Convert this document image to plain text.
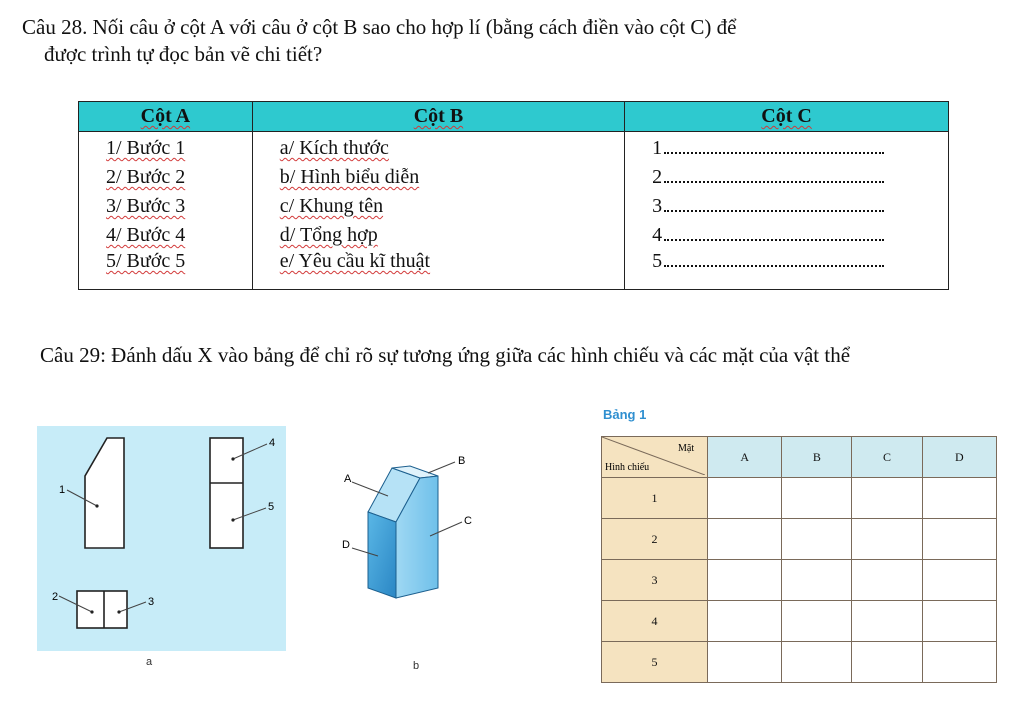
Câu 28. Nối câu ở cột A với câu ở cột B sao cho hợp lí (bằng cách điền vào cột C) để
được trình tự đọc bản vẽ chi tiết?
Cột A	Cột B	Cột C
1/ Bước 1	a/ Kích thước	1
2/ Bước 2	b/ Hình biểu diễn	2
3/ Bước 3	c/ Khung tên	3
4/ Bước 4	d/ Tổng hợp	4
5/ Bước 5	e/ Yêu cầu kĩ thuật	5
Câu 29: Đánh dấu X vào bảng để chỉ rõ sự tương ứng giữa các hình chiếu và các mặt của vật thể
1
4
5
2	3
a
A
B
C
D
b
Bảng 1
Mặt
Hình chiếu	A	B	C	D
1				
2				
3				
4				
5				
